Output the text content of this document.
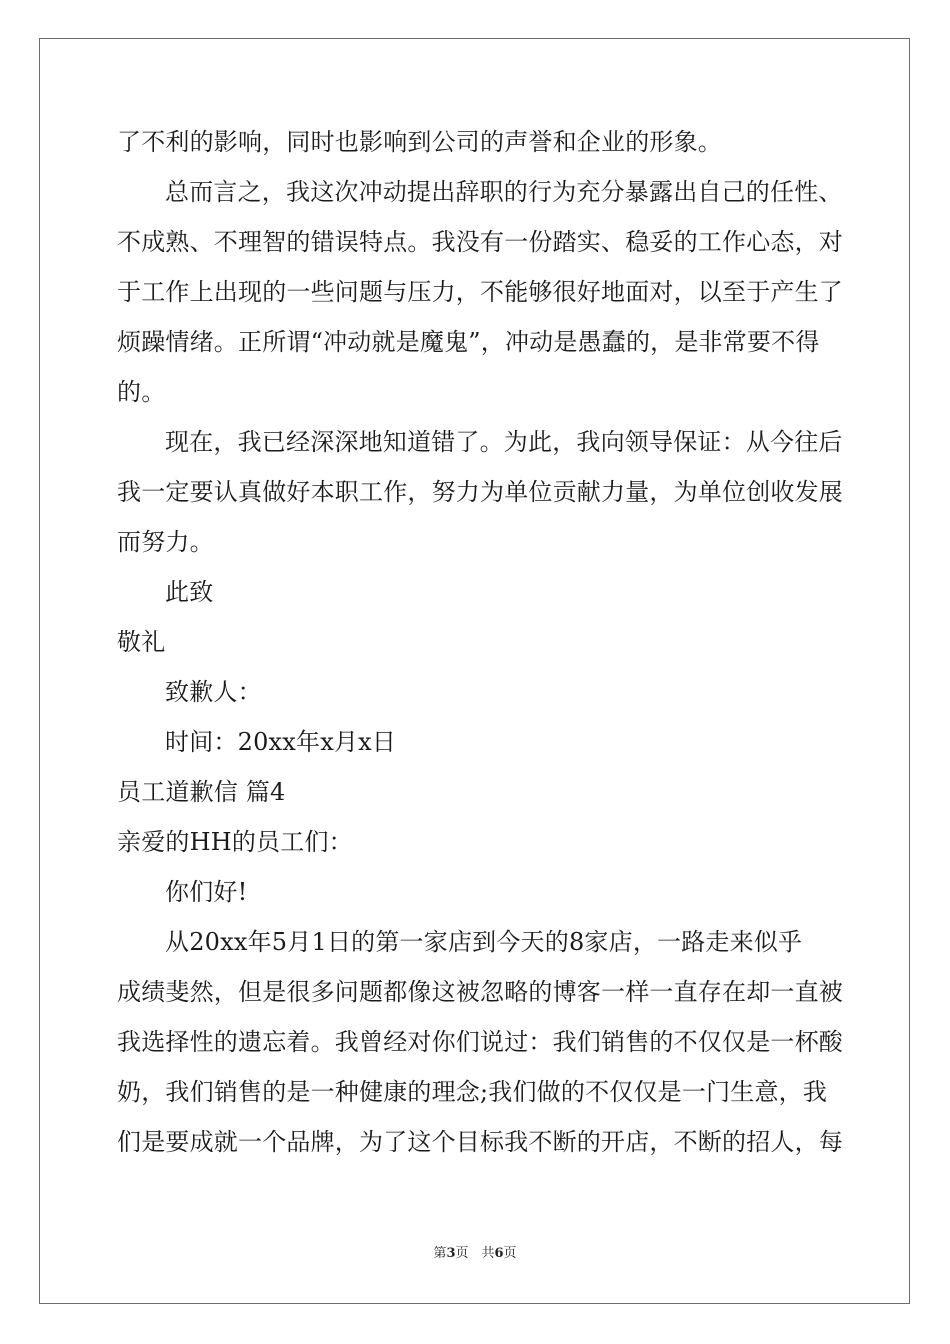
了不利的影响，同时也影响到公司的声誉和企业的形象。
总而言之，我这次冲动提出辞职的行为充分暴露出自己的任性、
不成熟、不理智的错误特点。我没有一份踏实、稳妥的工作心态，对
于工作上出现的一些问题与压力，不能够很好地面对，以至于产生了
烦躁情绪。正所谓“冲动就是魔鬼”，冲动是愚蠢的，是非常要不得
的。
现在，我已经深深地知道错了。为此，我向领导保证：从今往后
我一定要认真做好本职工作，努力为单位贡献力量，为单位创收发展
而努力。
此致
敬礼
致歉人：
时间：20xx年x月x日
员工道歉信 篇4
亲爱的HH的员工们：
你们好!
从20xx年5月1日的第一家店到今天的8家店，一路走来似乎
成绩斐然，但是很多问题都像这被忽略的博客一样一直存在却一直被
我选择性的遗忘着。我曾经对你们说过：我们销售的不仅仅是一杯酸
奶，我们销售的是一种健康的理念;我们做的不仅仅是一门生意，我
们是要成就一个品牌，为了这个目标我不断的开店，不断的招人，每
第3页　共6页
